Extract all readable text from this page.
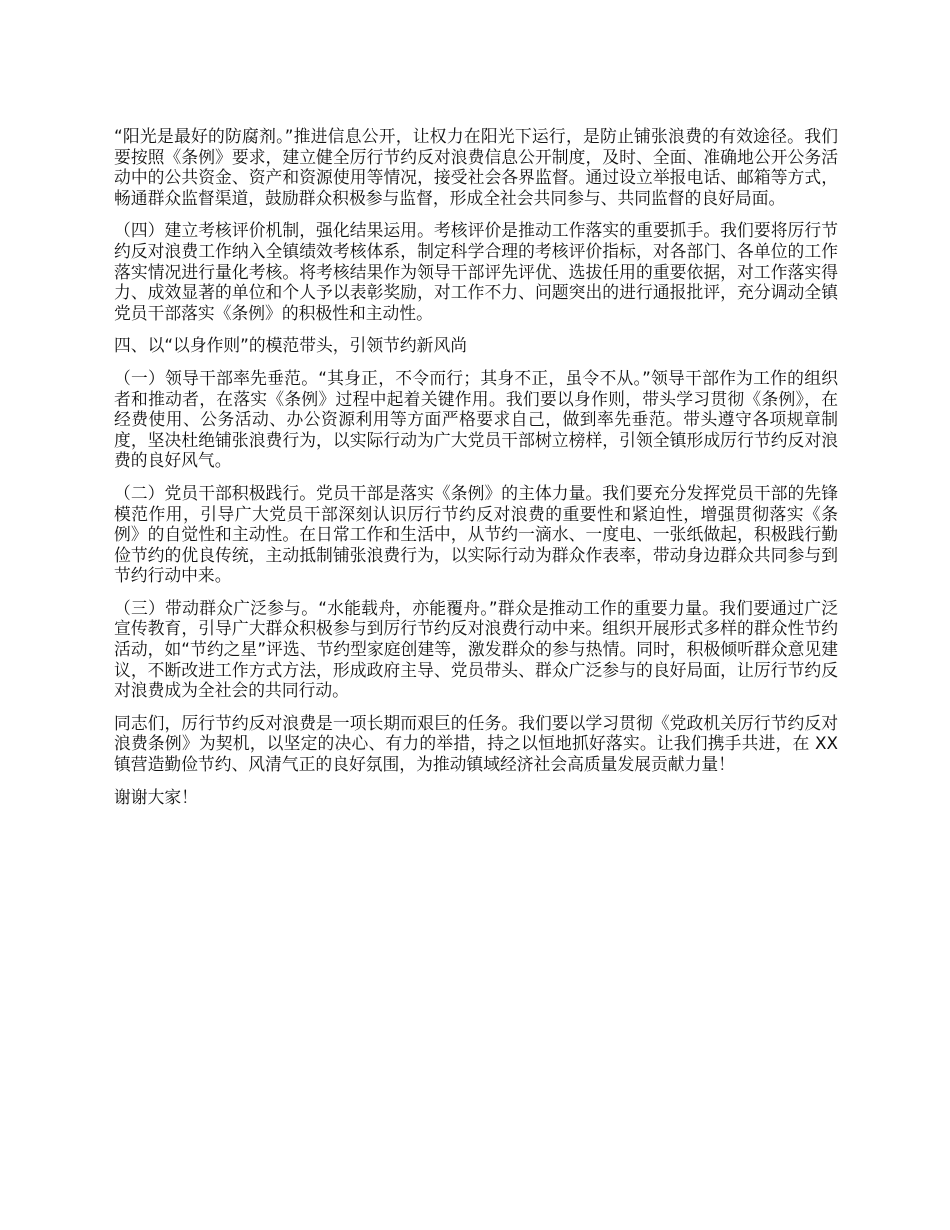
“阳光是最好的防腐剂。”推进信息公开，让权力在阳光下运行，是防止铺张浪费的有效途径。我们要按照《条例》要求，建立健全厉行节约反对浪费信息公开制度，及时、全面、准确地公开公务活动中的公共资金、资产和资源使用等情况，接受社会各界监督。通过设立举报电话、邮箱等方式，畅通群众监督渠道，鼓励群众积极参与监督，形成全社会共同参与、共同监督的良好局面。

（四）建立考核评价机制，强化结果运用。考核评价是推动工作落实的重要抓手。我们要将厉行节约反对浪费工作纳入全镇绩效考核体系，制定科学合理的考核评价指标，对各部门、各单位的工作落实情况进行量化考核。将考核结果作为领导干部评先评优、选拔任用的重要依据，对工作落实得力、成效显著的单位和个人予以表彰奖励，对工作不力、问题突出的进行通报批评，充分调动全镇党员干部落实《条例》的积极性和主动性。

四、以“以身作则”的模范带头，引领节约新风尚

（一）领导干部率先垂范。“其身正，不令而行；其身不正，虽令不从。”领导干部作为工作的组织者和推动者，在落实《条例》过程中起着关键作用。我们要以身作则，带头学习贯彻《条例》，在经费使用、公务活动、办公资源利用等方面严格要求自己，做到率先垂范。带头遵守各项规章制度，坚决杜绝铺张浪费行为，以实际行动为广大党员干部树立榜样，引领全镇形成厉行节约反对浪费的良好风气。

（二）党员干部积极践行。党员干部是落实《条例》的主体力量。我们要充分发挥党员干部的先锋模范作用，引导广大党员干部深刻认识厉行节约反对浪费的重要性和紧迫性，增强贯彻落实《条例》的自觉性和主动性。在日常工作和生活中，从节约一滴水、一度电、一张纸做起，积极践行勤俭节约的优良传统，主动抵制铺张浪费行为，以实际行动为群众作表率，带动身边群众共同参与到节约行动中来。

（三）带动群众广泛参与。“水能载舟，亦能覆舟。”群众是推动工作的重要力量。我们要通过广泛宣传教育，引导广大群众积极参与到厉行节约反对浪费行动中来。组织开展形式多样的群众性节约活动，如“节约之星”评选、节约型家庭创建等，激发群众的参与热情。同时，积极倾听群众意见建议，不断改进工作方式方法，形成政府主导、党员带头、群众广泛参与的良好局面，让厉行节约反对浪费成为全社会的共同行动。

同志们，厉行节约反对浪费是一项长期而艰巨的任务。我们要以学习贯彻《党政机关厉行节约反对浪费条例》为契机，以坚定的决心、有力的举措，持之以恒地抓好落实。让我们携手共进，在 XX 镇营造勤俭节约、风清气正的良好氛围，为推动镇域经济社会高质量发展贡献力量！

谢谢大家！
